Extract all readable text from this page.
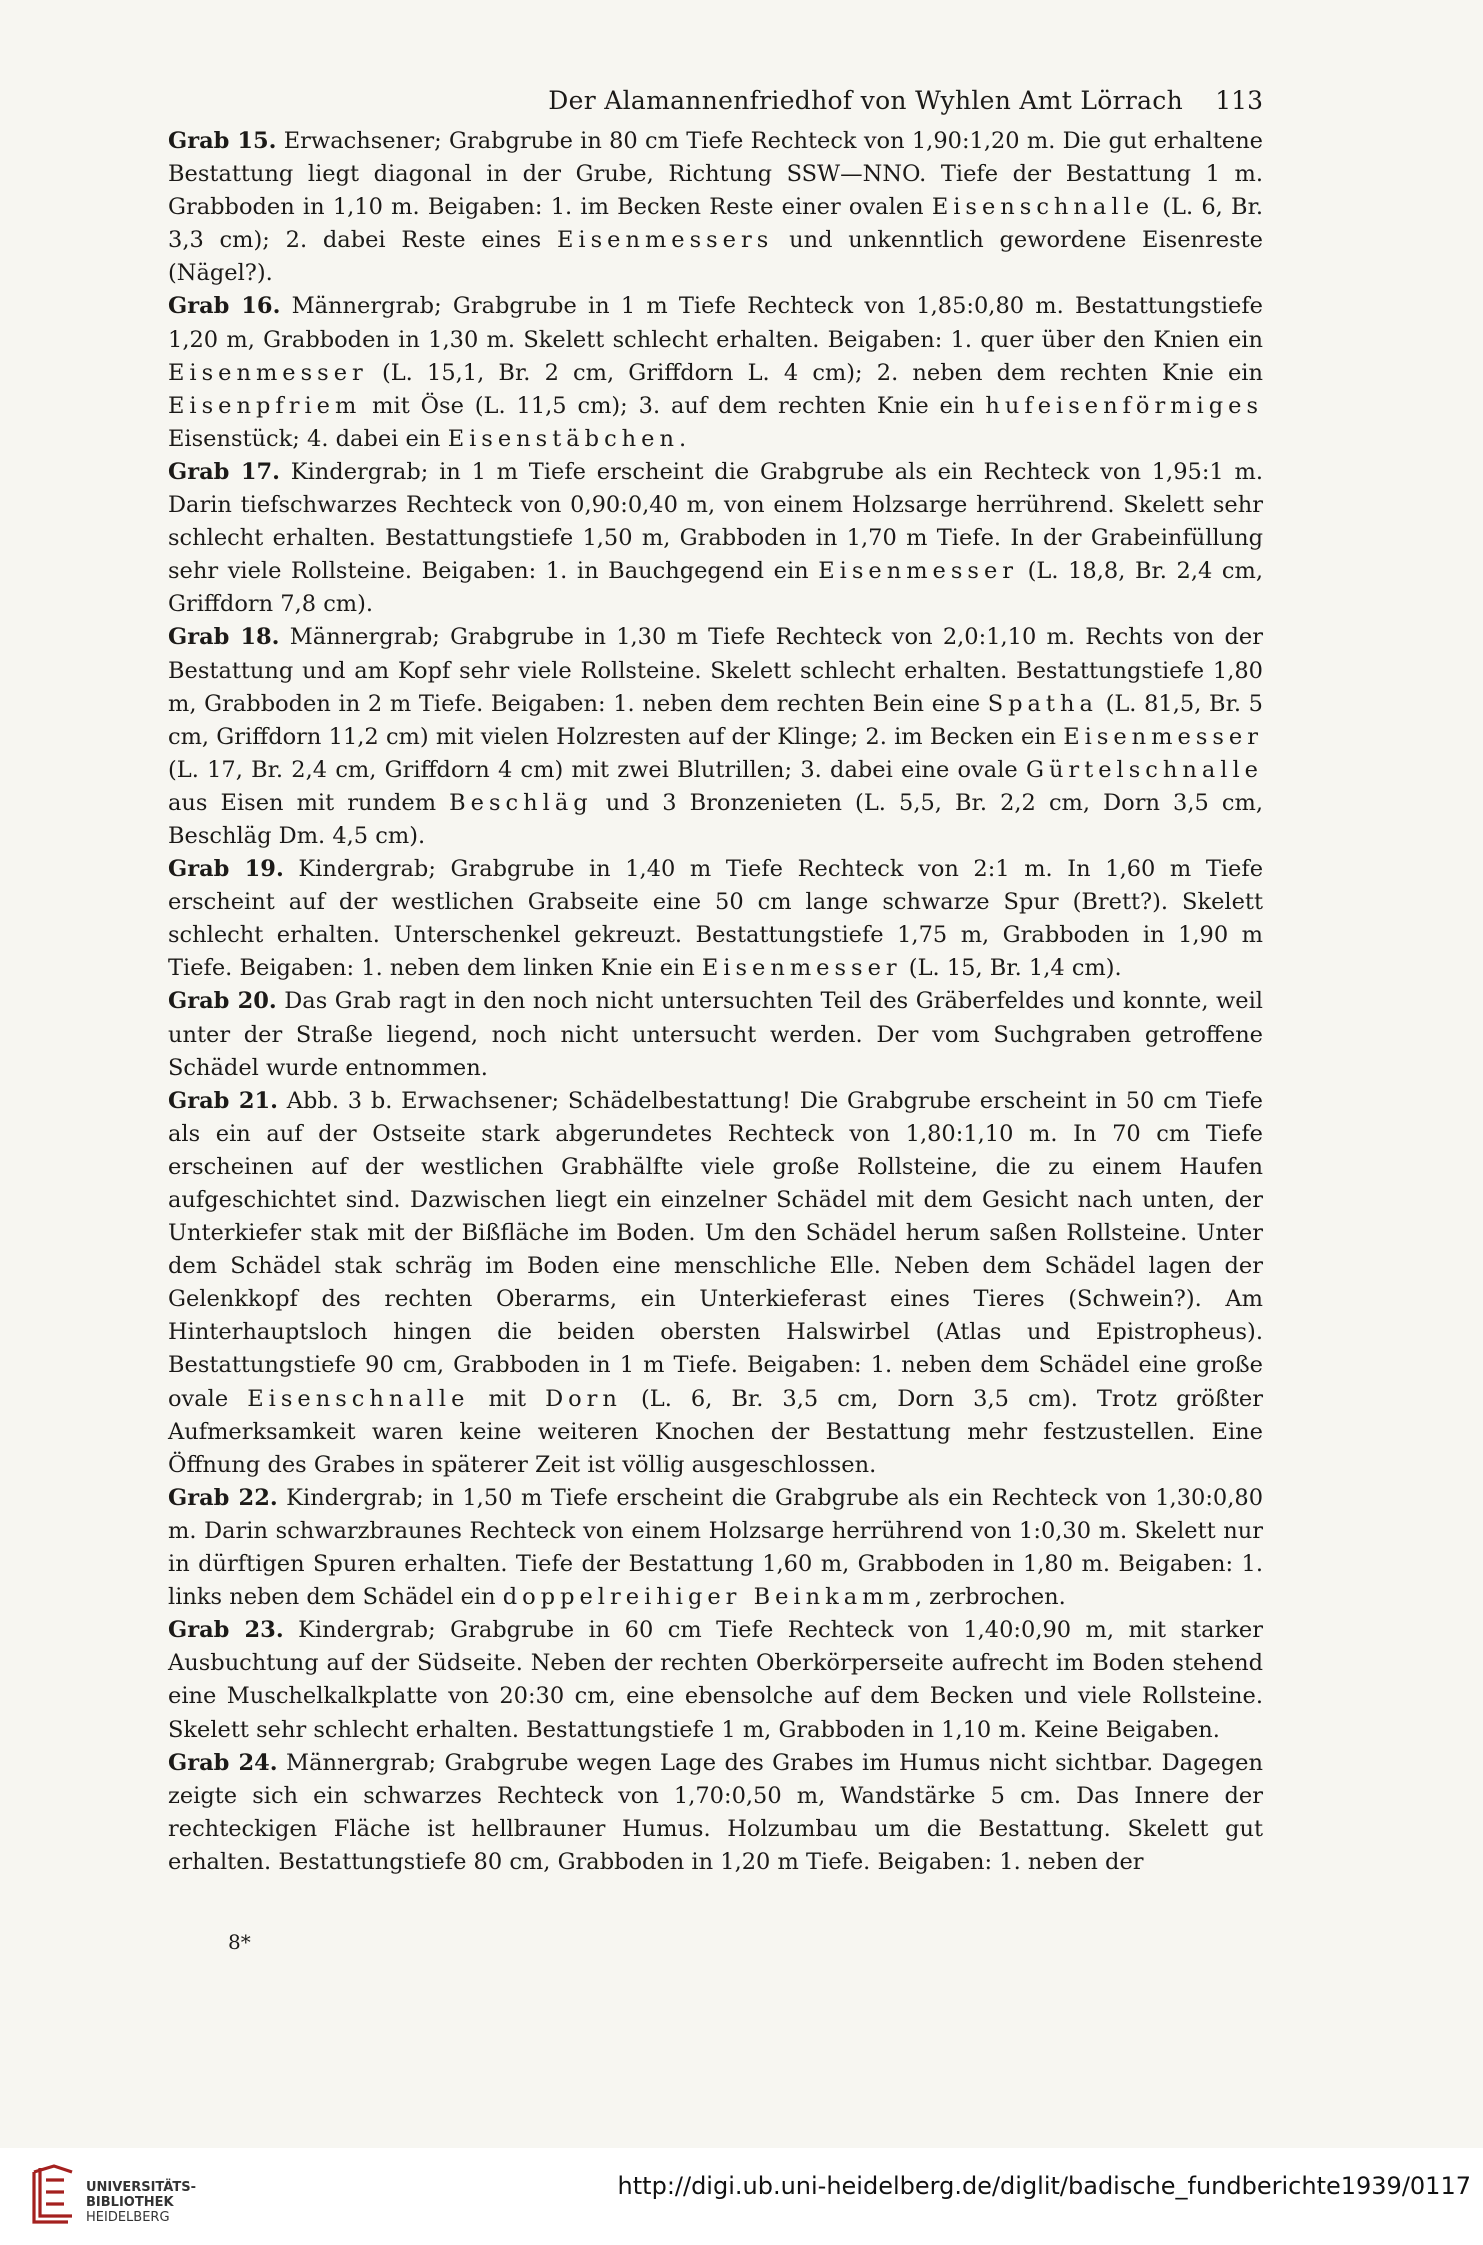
Der Alamannenfriedhof von Wyhlen Amt Lörrach 113

Grab 15. Erwachsener; Grabgrube in 80 cm Tiefe Rechteck von 1,90:1,20 m. Die gut erhaltene Bestattung liegt diagonal in der Grube, Richtung SSW—NNO. Tiefe der Bestattung 1 m. Grabboden in 1,10 m. Beigaben: 1. im Becken Reste einer ovalen Eisenschnalle (L. 6, Br. 3,3 cm); 2. dabei Reste eines Eisenmessers und unkenntlich gewordene Eisenreste (Nägel?).

Grab 16. Männergrab; Grabgrube in 1 m Tiefe Rechteck von 1,85:0,80 m. Bestattungstiefe 1,20 m, Grabboden in 1,30 m. Skelett schlecht erhalten. Beigaben: 1. quer über den Knien ein Eisenmesser (L. 15,1, Br. 2 cm, Griffdorn L. 4 cm); 2. neben dem rechten Knie ein Eisenpfriem mit Öse (L. 11,5 cm); 3. auf dem rechten Knie ein hufeisenförmiges Eisenstück; 4. dabei ein Eisenstäbchen.

Grab 17. Kindergrab; in 1 m Tiefe erscheint die Grabgrube als ein Rechteck von 1,95:1 m. Darin tiefschwarzes Rechteck von 0,90:0,40 m, von einem Holzsarge herrührend. Skelett sehr schlecht erhalten. Bestattungstiefe 1,50 m, Grabboden in 1,70 m Tiefe. In der Grabeinfüllung sehr viele Rollsteine. Beigaben: 1. in Bauchgegend ein Eisenmesser (L. 18,8, Br. 2,4 cm, Griffdorn 7,8 cm).

Grab 18. Männergrab; Grabgrube in 1,30 m Tiefe Rechteck von 2,0:1,10 m. Rechts von der Bestattung und am Kopf sehr viele Rollsteine. Skelett schlecht erhalten. Bestattungstiefe 1,80 m, Grabboden in 2 m Tiefe. Beigaben: 1. neben dem rechten Bein eine Spatha (L. 81,5, Br. 5 cm, Griffdorn 11,2 cm) mit vielen Holzresten auf der Klinge; 2. im Becken ein Eisenmesser (L. 17, Br. 2,4 cm, Griffdorn 4 cm) mit zwei Blutrillen; 3. dabei eine ovale Gürtelschnalle aus Eisen mit rundem Beschläg und 3 Bronzenieten (L. 5,5, Br. 2,2 cm, Dorn 3,5 cm, Beschläg Dm. 4,5 cm).

Grab 19. Kindergrab; Grabgrube in 1,40 m Tiefe Rechteck von 2:1 m. In 1,60 m Tiefe erscheint auf der westlichen Grabseite eine 50 cm lange schwarze Spur (Brett?). Skelett schlecht erhalten. Unterschenkel gekreuzt. Bestattungstiefe 1,75 m, Grabboden in 1,90 m Tiefe. Beigaben: 1. neben dem linken Knie ein Eisenmesser (L. 15, Br. 1,4 cm).

Grab 20. Das Grab ragt in den noch nicht untersuchten Teil des Gräberfeldes und konnte, weil unter der Straße liegend, noch nicht untersucht werden. Der vom Suchgraben getroffene Schädel wurde entnommen.

Grab 21. Abb. 3 b. Erwachsener; Schädelbestattung! Die Grabgrube erscheint in 50 cm Tiefe als ein auf der Ostseite stark abgerundetes Rechteck von 1,80:1,10 m. In 70 cm Tiefe erscheinen auf der westlichen Grabhälfte viele große Rollsteine, die zu einem Haufen aufgeschichtet sind. Dazwischen liegt ein einzelner Schädel mit dem Gesicht nach unten, der Unterkiefer stak mit der Bißfläche im Boden. Um den Schädel herum saßen Rollsteine. Unter dem Schädel stak schräg im Boden eine menschliche Elle. Neben dem Schädel lagen der Gelenkkopf des rechten Oberarms, ein Unterkieferast eines Tieres (Schwein?). Am Hinterhauptsloch hingen die beiden obersten Halswirbel (Atlas und Epistropheus). Bestattungstiefe 90 cm, Grabboden in 1 m Tiefe. Beigaben: 1. neben dem Schädel eine große ovale Eisenschnalle mit Dorn (L. 6, Br. 3,5 cm, Dorn 3,5 cm). Trotz größter Aufmerksamkeit waren keine weiteren Knochen der Bestattung mehr festzustellen. Eine Öffnung des Grabes in späterer Zeit ist völlig ausgeschlossen.

Grab 22. Kindergrab; in 1,50 m Tiefe erscheint die Grabgrube als ein Rechteck von 1,30:0,80 m. Darin schwarzbraunes Rechteck von einem Holzsarge herrührend von 1:0,30 m. Skelett nur in dürftigen Spuren erhalten. Tiefe der Bestattung 1,60 m, Grabboden in 1,80 m. Beigaben: 1. links neben dem Schädel ein doppelreihiger Beinkamm, zerbrochen.

Grab 23. Kindergrab; Grabgrube in 60 cm Tiefe Rechteck von 1,40:0,90 m, mit starker Ausbuchtung auf der Südseite. Neben der rechten Oberkörperseite aufrecht im Boden stehend eine Muschelkalkplatte von 20:30 cm, eine ebensolche auf dem Becken und viele Rollsteine. Skelett sehr schlecht erhalten. Bestattungstiefe 1 m, Grabboden in 1,10 m. Keine Beigaben.

Grab 24. Männergrab; Grabgrube wegen Lage des Grabes im Humus nicht sichtbar. Dagegen zeigte sich ein schwarzes Rechteck von 1,70:0,50 m, Wandstärke 5 cm. Das Innere der rechteckigen Fläche ist hellbrauner Humus. Holzumbau um die Bestattung. Skelett gut erhalten. Bestattungstiefe 80 cm, Grabboden in 1,20 m Tiefe. Beigaben: 1. neben der

8*
UNIVERSITÄTS-
BIBLIOTHEK
HEIDELBERG
http://digi.ub.uni-heidelberg.de/diglit/badische_fundberichte1939/0117
